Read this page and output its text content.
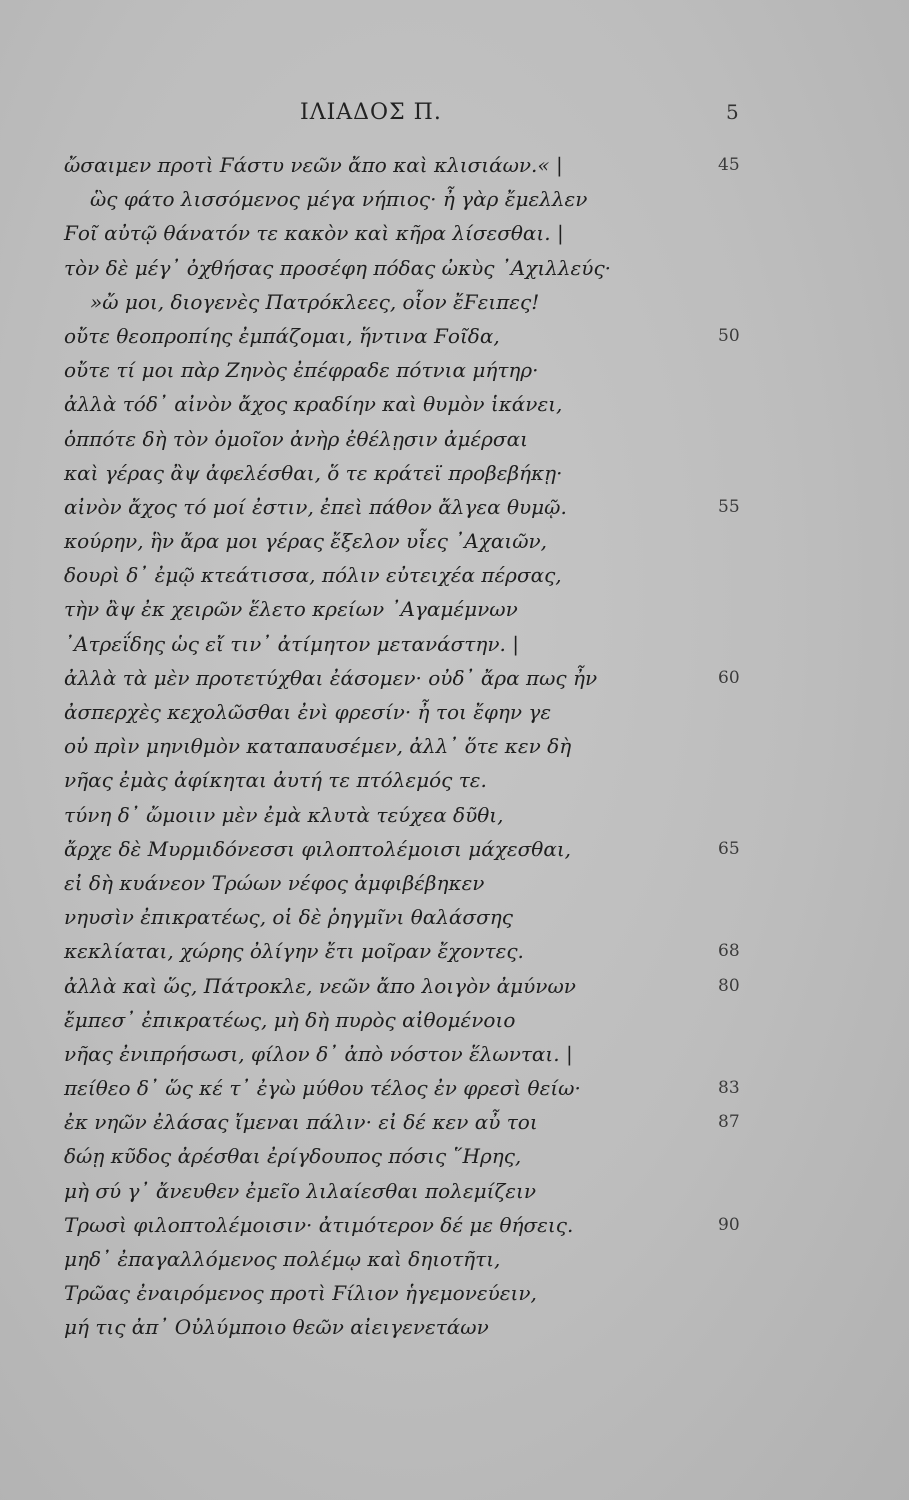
ΙΛΙΑΔΟΣ Π.	5
ὤσαιμεν προτὶ Ϝάστυ νεῶν ἄπο καὶ κλισιάων.« |	45
ὣς φάτο λισσόμενος μέγα νήπιος· ἦ γὰρ ἔμελλεν
Ϝοῖ αὐτῷ θάνατόν τε κακὸν καὶ κῆρα λίσεσθαι. |
τὸν δὲ μέγ᾽ ὀχθήσας προσέφη πόδας ὠκὺς ᾽Αχιλλεύς·
»ὤ μοι, διογενὲς Πατρόκλεες, οἷον ἔϜειπες!
οὔτε θεοπροπίης ἐμπάζομαι, ἥντινα Ϝοῖδα,	50
οὔτε τί μοι πὰρ Ζηνὸς ἐπέφραδε πότνια μήτηρ·
ἀλλὰ τόδ᾽ αἰνὸν ἄχος κραδίην καὶ θυμὸν ἱκάνει,
ὁππότε δὴ τὸν ὁμοῖον ἀνὴρ ἐθέλῃσιν ἀμέρσαι
καὶ γέρας ἂψ ἀφελέσθαι, ὅ τε κράτεϊ προβεβήκῃ·
αἰνὸν ἄχος τό μοί ἐστιν, ἐπεὶ πάθον ἄλγεα θυμῷ.	55
κούρην, ἣν ἄρα μοι γέρας ἔξελον υἷες ᾽Αχαιῶν,
δουρὶ δ᾽ ἐμῷ κτεάτισσα, πόλιν εὐτειχέα πέρσας,
τὴν ἂψ ἐκ χειρῶν ἕλετο κρείων ᾽Αγαμέμνων
᾽Ατρεΐδης ὡς εἴ τιν᾽ ἀτίμητον μετανάστην. |
ἀλλὰ τὰ μὲν προτετύχθαι ἐάσομεν· οὐδ᾽ ἄρα πως ἦν	60
ἀσπερχὲς κεχολῶσθαι ἐνὶ φρεσίν· ἦ τοι ἔφην γε
οὐ πρὶν μηνιθμὸν καταπαυσέμεν, ἀλλ᾽ ὅτε κεν δὴ
νῆας ἐμὰς ἀφίκηται ἀυτή τε πτόλεμός τε.
τύνη δ᾽ ὤμοιιν μὲν ἐμὰ κλυτὰ τεύχεα δῦθι,
ἄρχε δὲ Μυρμιδόνεσσι φιλοπτολέμοισι μάχεσθαι,	65
εἰ δὴ κυάνεον Τρώων νέφος ἀμφιβέβηκεν
νηυσὶν ἐπικρατέως, οἱ δὲ ῥηγμῖνι θαλάσσης
κεκλίαται, χώρης ὀλίγην ἔτι μοῖραν ἔχοντες.	68
ἀλλὰ καὶ ὥς, Πάτροκλε, νεῶν ἄπο λοιγὸν ἀμύνων	80
ἔμπεσ᾽ ἐπικρατέως, μὴ δὴ πυρὸς αἰθομένοιο
νῆας ἐνιπρήσωσι, φίλον δ᾽ ἀπὸ νόστον ἕλωνται. |
πείθεο δ᾽ ὥς κέ τ᾽ ἐγὼ μύθου τέλος ἐν φρεσὶ θείω·	83
ἐκ νηῶν ἐλάσας ἴμεναι πάλιν· εἰ δέ κεν αὖ τοι	87
δώῃ κῦδος ἀρέσθαι ἐρίγδουπος πόσις ῞Ηρης,
μὴ σύ γ᾽ ἄνευθεν ἐμεῖο λιλαίεσθαι πολεμίζειν
Τρωσὶ φιλοπτολέμοισιν· ἀτιμότερον δέ με θήσεις.	90
μηδ᾽ ἐπαγαλλόμενος πολέμῳ καὶ δηιοτῆτι,
Τρῶας ἐναιρόμενος προτὶ Ϝίλιον ἡγεμονεύειν,
μή τις ἀπ᾽ Οὐλύμποιο θεῶν αἰειγενετάων
